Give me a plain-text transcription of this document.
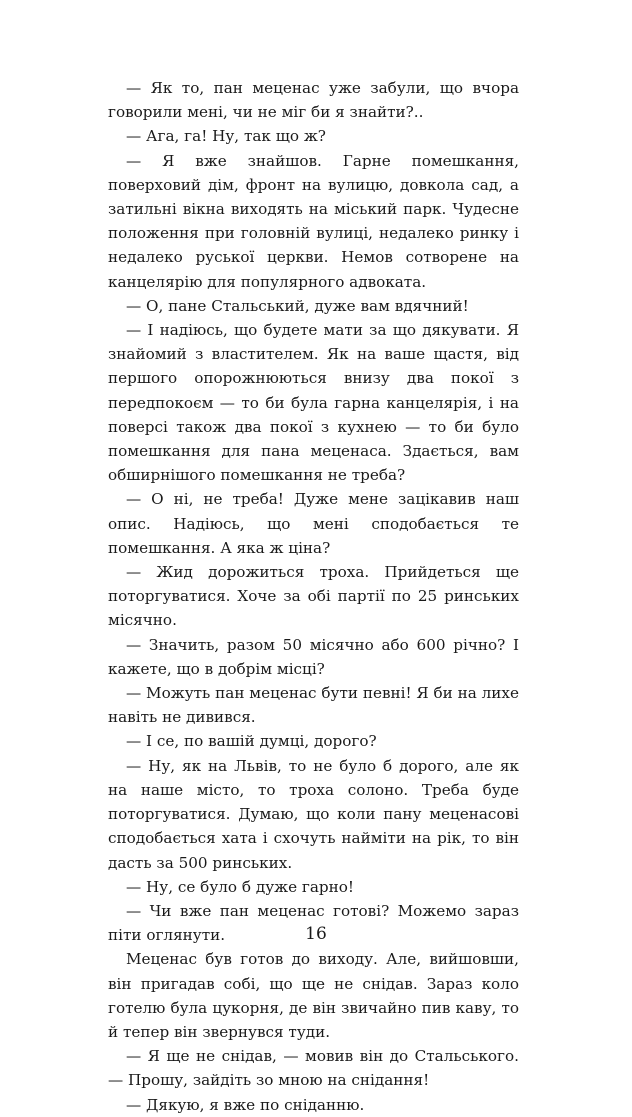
— Як то, пан меценас уже забули, що вчора говорили мені, чи не міг би я знайти?..

— Ага, га! Ну, так що ж?

— Я вже знайшов. Гарне помешкання, поверховий дім, фронт на вулицю, довкола сад, а затильні вікна виходять на міський парк. Чудесне положення при головній вулиці, недалеко ринку і недалеко руської церкви. Немов сотворене на канцелярію для популярного адвоката.

— О, пане Стальський, дуже вам вдячний!

— І надіюсь, що будете мати за що дякувати. Я знайомий з властителем. Як на ваше щастя, від першого опорожнюються внизу два покої з передпокоєм — то би була гарна канцелярія, і на поверсі також два покої з кухнею — то би було помешкання для пана меценаса. Здається, вам обширнішого помешкання не треба?

— О ні, не треба! Дуже мене зацікавив наш опис. Надіюсь, що мені сподобається те помешкання. А яка ж ціна?

— Жид дорожиться троха. Прийдеться ще поторгуватися. Хоче за обі партії по 25 ринських місячно.

— Значить, разом 50 місячно або 600 річно? І кажете, що в добрім місці?

— Можуть пан меценас бути певні! Я би на лихе навіть не дивився.

— І се, по вашій думці, дорого?

— Ну, як на Львів, то не було б дорого, але як на наше місто, то троха солоно. Треба буде поторгуватися. Думаю, що коли пану меценасові сподобається хата і схочуть найміти на рік, то він дасть за 500 ринських.

— Ну, се було б дуже гарно!

— Чи вже пан меценас готові? Можемо зараз піти оглянути.

Меценас був готов до виходу. Але, вийшовши, він пригадав собі, що ще не снідав. Зараз коло готелю була цукорня, де він звичайно пив каву, то й тепер він звернувся туди.

— Я ще не снідав, — мовив він до Стальського. — Прошу, зайдіть зо мною на снідання!

— Дякую, я вже по сніданню.

16
